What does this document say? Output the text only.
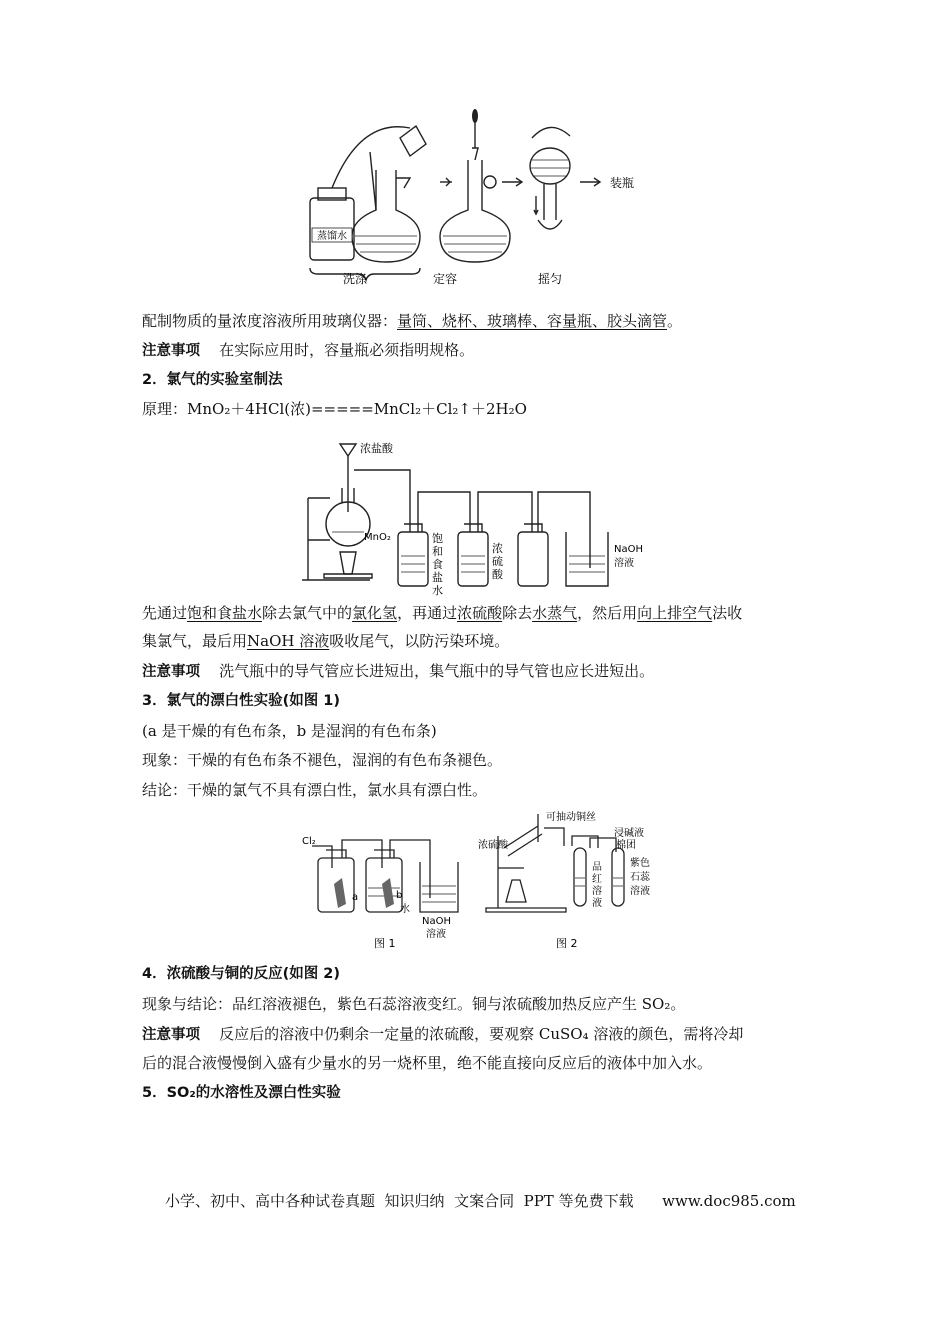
蒸馏水
洗涤	定容	摇匀
装瓶
配制物质的量浓度溶液所用玻璃仪器：量筒、烧杯、玻璃棒、容量瓶、胶头滴管。
注意事项 在实际应用时，容量瓶必须指明规格。
2．氯气的实验室制法
原理：MnO₂＋4HCl(浓)=====MnCl₂＋Cl₂↑＋2H₂O
浓盐酸
MnO₂	饱
和
食
盐
水
浓
硫
酸
NaOH
溶液
先通过饱和食盐水除去氯气中的氯化氢，再通过浓硫酸除去水蒸气，然后用向上排空气法收
集氯气，最后用NaOH 溶液吸收尾气，以防污染环境。
注意事项 洗气瓶中的导气管应长进短出，集气瓶中的导气管也应长进短出。
3．氯气的漂白性实验(如图 1)
(a 是干燥的有色布条，b 是湿润的有色布条)
现象：干燥的有色布条不褪色，湿润的有色布条褪色。
结论：干燥的氯气不具有漂白性，氯水具有漂白性。
Cl₂
a	b
水
NaOH
溶液
图 1
可抽动铜丝
浓硫酸
浸碱液
棉团
品
红
溶
液
紫 色
石 蕊
溶 液
图 2
4．浓硫酸与铜的反应(如图 2)
现象与结论：品红溶液褪色，紫色石蕊溶液变红。铜与浓硫酸加热反应产生 SO₂。
注意事项 反应后的溶液中仍剩余一定量的浓硫酸，要观察 CuSO₄ 溶液的颜色，需将冷却
后的混合液慢慢倒入盛有少量水的另一烧杯里，绝不能直接向反应后的液体中加入水。
5．SO₂的水溶性及漂白性实验
小学、初中、高中各种试卷真题  知识归纳  文案合同  PPT 等免费下载      www.doc985.com
